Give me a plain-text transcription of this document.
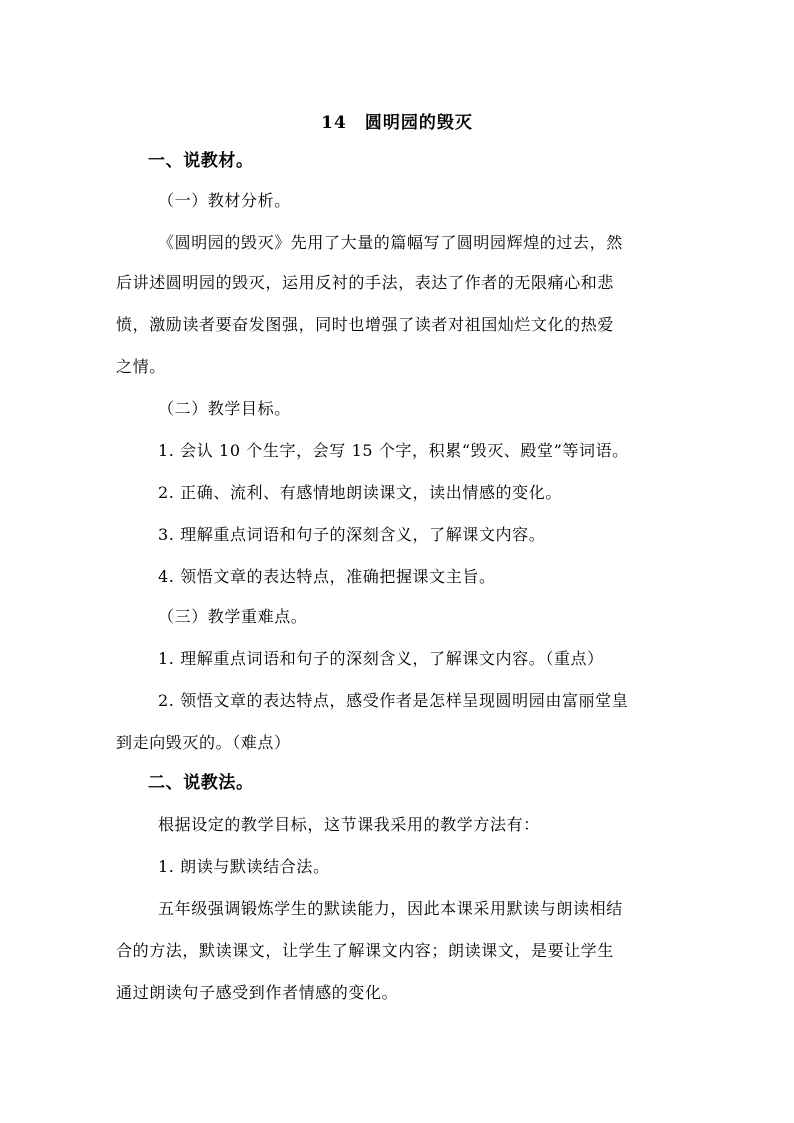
14　圆明园的毁灭
一、说教材。
（一）教材分析。
《圆明园的毁灭》先用了大量的篇幅写了圆明园辉煌的过去，然
后讲述圆明园的毁灭，运用反衬的手法，表达了作者的无限痛心和悲
愤，激励读者要奋发图强，同时也增强了读者对祖国灿烂文化的热爱
之情。
（二）教学目标。
1. 会认 10 个生字，会写 15 个字，积累“毁灭、殿堂”等词语。
2. 正确、流利、有感情地朗读课文，读出情感的变化。
3. 理解重点词语和句子的深刻含义，了解课文内容。
4. 领悟文章的表达特点，准确把握课文主旨。
（三）教学重难点。
1. 理解重点词语和句子的深刻含义，了解课文内容。（重点）
2. 领悟文章的表达特点，感受作者是怎样呈现圆明园由富丽堂皇
到走向毁灭的。（难点）
二、说教法。
根据设定的教学目标，这节课我采用的教学方法有：
1. 朗读与默读结合法。
五年级强调锻炼学生的默读能力，因此本课采用默读与朗读相结
合的方法，默读课文，让学生了解课文内容；朗读课文，是要让学生
通过朗读句子感受到作者情感的变化。
